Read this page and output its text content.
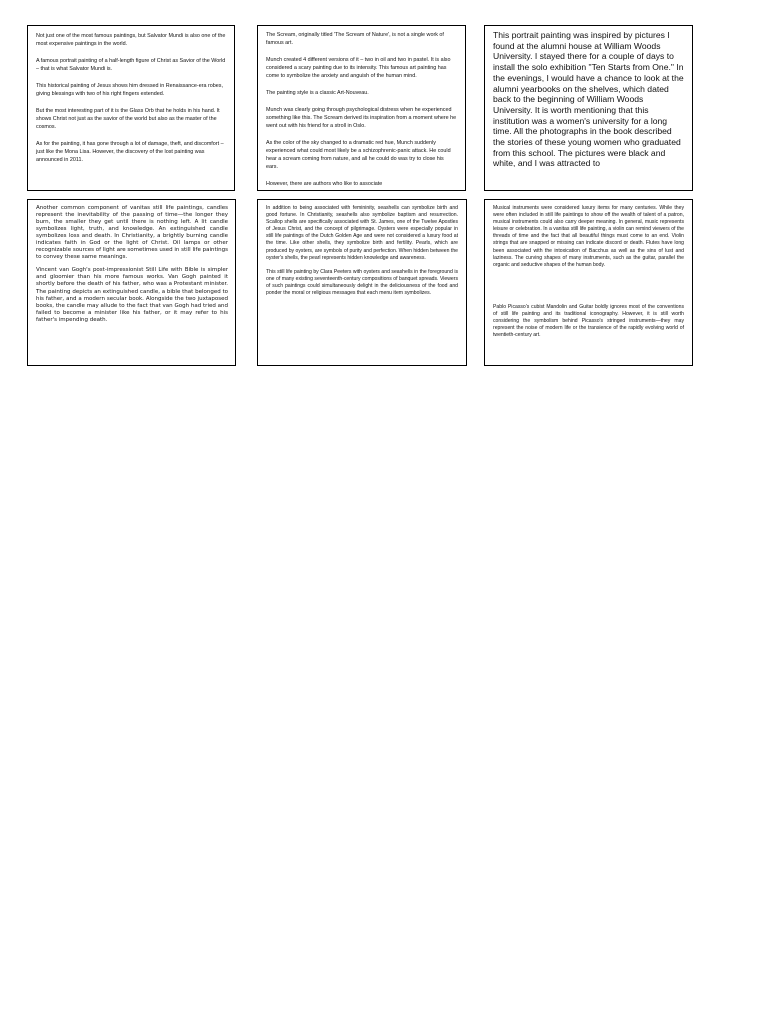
Not just one of the most famous paintings, but Salvator Mundi is also one of the most expensive paintings in the world.

A famous portrait painting of a half-length figure of Christ as Savior of the World – that is what Salvator Mundi is.

This historical painting of Jesus shows him dressed in Renaissance-era robes, giving blessings with two of his right fingers extended.

But the most interesting part of it is the Glass Orb that he holds in his hand. It shows Christ not just as the savior of the world but also as the master of the cosmos.

As for the painting, it has gone through a lot of damage, theft, and discomfort – just like the Mona Lisa. However, the discovery of the lost painting was announced in 2011.

The Scream, originally titled 'The Scream of Nature', is not a single work of famous art.

Munch created 4 different versions of it – two in oil and two in pastel. It is also considered a scary painting due to its intensity. This famous art painting has come to symbolize the anxiety and anguish of the human mind.

The painting style is a classic Art-Nouveau.

Munch was clearly going through psychological distress when he experienced something like this. The Scream derived its inspiration from a moment where he went out with his friend for a stroll in Oslo.

As the color of the sky changed to a dramatic red hue, Munch suddenly experienced what could most likely be a schizophrenic-panic attack. He could hear a scream coming from nature, and all he could do was try to close his ears.

However, there are authors who like to associate

This portrait painting was inspired by pictures I found at the alumni house at William Woods University. I stayed there for a couple of days to install the solo exhibition "Ten Starts from One." In the evenings, I would have a chance to look at the alumni yearbooks on the shelves, which dated back to the beginning of William Woods University. It is worth mentioning that this institution was a women's university for a long time. All the photographs in the book described the stories of these young women who graduated from this school. The pictures were black and white, and I was attracted to

Another common component of vanitas still life paintings, candles represent the inevitability of the passing of time—the longer they burn, the smaller they get until there is nothing left. A lit candle symbolizes light, truth, and knowledge. An extinguished candle symbolizes loss and death. In Christianity, a brightly burning candle indicates faith in God or the light of Christ. Oil lamps or other recognizable sources of light are sometimes used in still life paintings to convey these same meanings.

Vincent van Gogh's post-impressionist Still Life with Bible is simpler and gloomier than his more famous works. Van Gogh painted it shortly before the death of his father, who was a Protestant minister. The painting depicts an extinguished candle, a bible that belonged to his father, and a modern secular book. Alongside the two juxtaposed books, the candle may allude to the fact that van Gogh had tried and failed to become a minister like his father, or it may refer to his father's impending death.

In addition to being associated with femininity, seashells can symbolize birth and good fortune. In Christianity, seashells also symbolize baptism and resurrection. Scallop shells are specifically associated with St. James, one of the Twelve Apostles of Jesus Christ, and the concept of pilgrimage. Oysters were especially popular in still life paintings of the Dutch Golden Age and were not considered a luxury food at the time. Like other shells, they symbolize birth and fertility. Pearls, which are produced by oysters, are symbols of purity and perfection. When hidden between the oyster's shells, the pearl represents hidden knowledge and awareness.

This still life painting by Clara Peeters with oysters and seashells in the foreground is one of many existing seventeenth-century compositions of banquet spreads. Viewers of such paintings could simultaneously delight in the deliciousness of the food and ponder the moral or religious messages that each menu item symbolizes.

Musical instruments were considered luxury items for many centuries. While they were often included in still life paintings to show off the wealth of talent of a patron, musical instruments could also carry deeper meaning. In general, music represents leisure or celebration. In a vanitas still life painting, a violin can remind viewers of the threads of time and the fact that all beautiful things must come to an end. Violin strings that are snapped or missing can indicate discord or death. Flutes have long been associated with the intoxication of Bacchus as well as the sins of lust and laziness. The curving shapes of many instruments, such as the guitar, parallel the organic and seductive shapes of the human body.

Pablo Picasso's cubist Mandolin and Guitar boldly ignores most of the conventions of still life painting and its traditional iconography. However, it is still worth considering the symbolism behind Picasso's stringed instruments—they may represent the noise of modern life or the transience of the rapidly evolving world of twentieth-century art.
